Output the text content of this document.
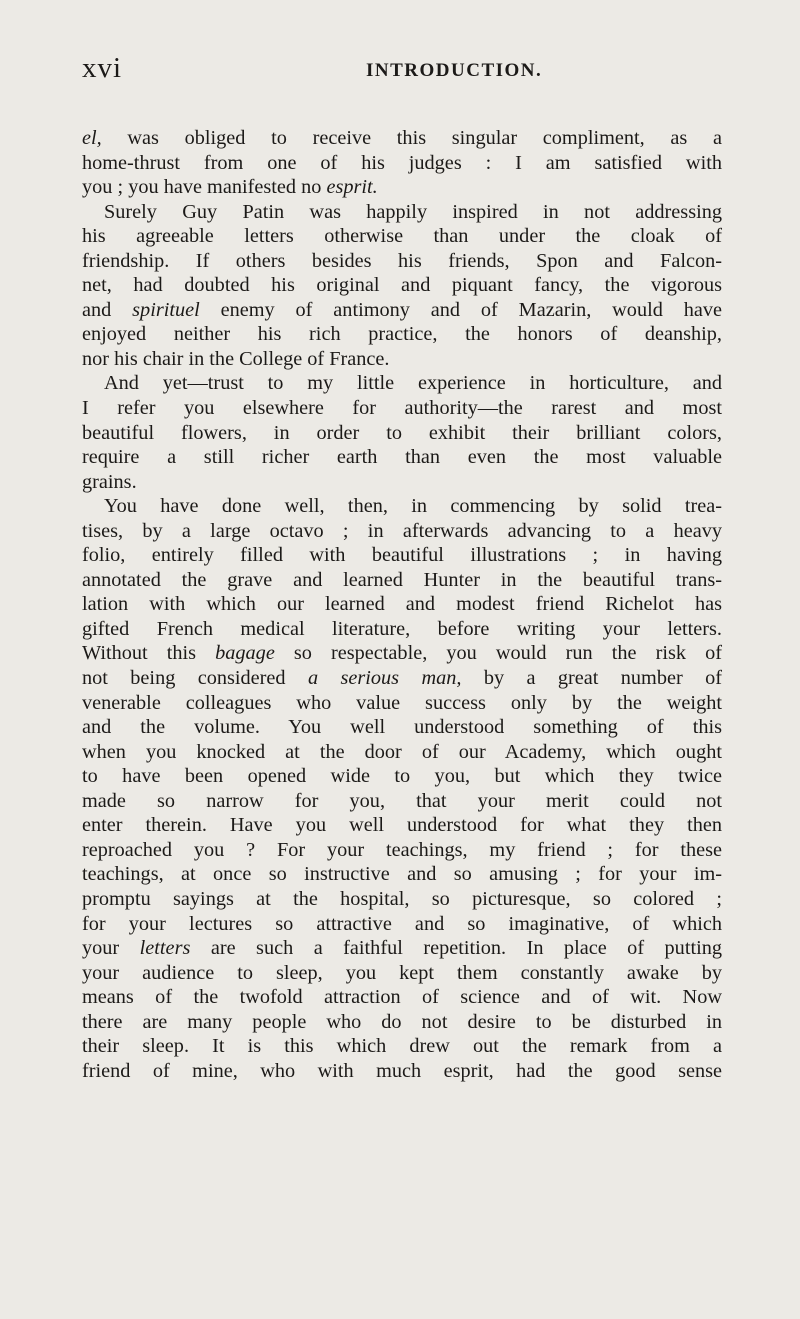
xvi	INTRODUCTION.
el, was obliged to receive this singular compliment, as a
home-thrust from one of his judges : I am satisfied with
you ; you have manifested no esprit.
Surely Guy Patin was happily inspired in not addressing
his agreeable letters otherwise than under the cloak of
friendship. If others besides his friends, Spon and Falcon-
net, had doubted his original and piquant fancy, the vigorous
and spirituel enemy of antimony and of Mazarin, would have
enjoyed neither his rich practice, the honors of deanship,
nor his chair in the College of France.
And yet—trust to my little experience in horticulture, and
I refer you elsewhere for authority—the rarest and most
beautiful flowers, in order to exhibit their brilliant colors,
require a still richer earth than even the most valuable
grains.
You have done well, then, in commencing by solid trea-
tises, by a large octavo ; in afterwards advancing to a heavy
folio, entirely filled with beautiful illustrations ; in having
annotated the grave and learned Hunter in the beautiful trans-
lation with which our learned and modest friend Richelot has
gifted French medical literature, before writing your letters.
Without this bagage so respectable, you would run the risk of
not being considered a serious man, by a great number of
venerable colleagues who value success only by the weight
and the volume. You well understood something of this
when you knocked at the door of our Academy, which ought
to have been opened wide to you, but which they twice
made so narrow for you, that your merit could not
enter therein. Have you well understood for what they then
reproached you ? For your teachings, my friend ; for these
teachings, at once so instructive and so amusing ; for your im-
promptu sayings at the hospital, so picturesque, so colored ;
for your lectures so attractive and so imaginative, of which
your letters are such a faithful repetition. In place of putting
your audience to sleep, you kept them constantly awake by
means of the twofold attraction of science and of wit. Now
there are many people who do not desire to be disturbed in
their sleep. It is this which drew out the remark from a
friend of mine, who with much esprit, had the good sense
